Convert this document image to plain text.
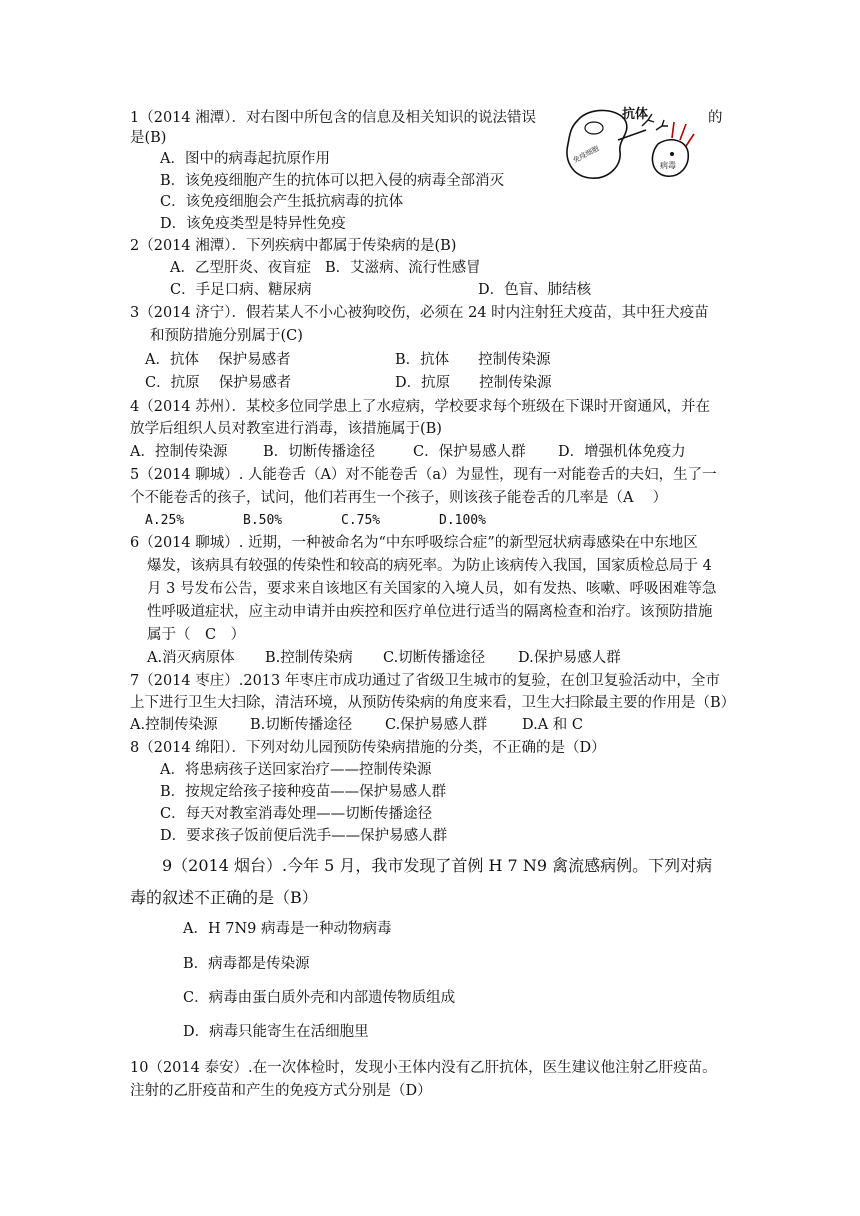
1（2014 湘潭）．对右图中所包含的信息及相关知识的说法错误	的
是(B)
A．图中的病毒起抗原作用
B．该免疫细胞产生的抗体可以把入侵的病毒全部消灭
C．该免疫细胞会产生抵抗病毒的抗体
D．该免疫类型是特异性免疫
抗体
免疫细胞
病毒
2（2014 湘潭）．下列疾病中都属于传染病的是(B)
A．乙型肝炎、夜盲症 B．艾滋病、流行性感冒
C．手足口病、糖尿病	D．色盲、肺结核
3（2014 济宁）．假若某人不小心被狗咬伤，必须在 24 时内注射狂犬疫苗，其中狂犬疫苗
和预防措施分别属于(C)
A．抗体　 保护易感者	B．抗体　　控制传染源
C．抗原　 保护易感者	D．抗原　　控制传染源
4（2014 苏州）．某校多位同学患上了水痘病，学校要求每个班级在下课时开窗通风，并在
放学后组织人员对教室进行消毒，该措施属于(B)
A．控制传染源 B．切断传播途径	C．保护易感人群 D．增强机体免疫力
5（2014 聊城）. 人能卷舌（A）对不能卷舌（a）为显性，现有一对能卷舌的夫妇，生了一
个不能卷舌的孩子，试问，他们若再生一个孩子，则该孩子能卷舌的几率是（A　 ）
A.25%	B.50%	C.75%	D.100%
6（2014 聊城）. 近期，一种被命名为“中东呼吸综合症”的新型冠状病毒感染在中东地区
爆发，该病具有较强的传染性和较高的病死率。为防止该病传入我国，国家质检总局于 4
月 3 号发布公告，要求来自该地区有关国家的入境人员，如有发热、咳嗽、呼吸困难等急
性呼吸道症状，应主动申请并由疾控和医疗单位进行适当的隔离检查和治疗。该预防措施
属于（　C　）
A.消灭病原体 B.控制传染病 C.切断传播途径 D.保护易感人群
7（2014 枣庄）.2013 年枣庄市成功通过了省级卫生城市的复验，在创卫复验活动中，全市
上下进行卫生大扫除，清洁环境，从预防传染病的角度来看，卫生大扫除最主要的作用是（B）
A.控制传染源 B.切断传播途径 C.保护易感人群 D.A 和 C
8（2014 绵阳）．下列对幼儿园预防传染病措施的分类，不正确的是（D）
A．将患病孩子送回家治疗——控制传染源
B．按规定给孩子接种疫苗——保护易感人群
C．每天对教室消毒处理——切断传播途径
D．要求孩子饭前便后洗手——保护易感人群
9（2014 烟台）.今年 5 月，我市发现了首例 H 7 N9 禽流感病例。下列对病
毒的叙述不正确的是（B）
A．H 7N9 病毒是一种动物病毒
B．病毒都是传染源
C．病毒由蛋白质外壳和内部遗传物质组成
D．病毒只能寄生在活细胞里
10（2014 泰安）.在一次体检时，发现小王体内没有乙肝抗体，医生建议他注射乙肝疫苗。
注射的乙肝疫苗和产生的免疫方式分别是（D）
